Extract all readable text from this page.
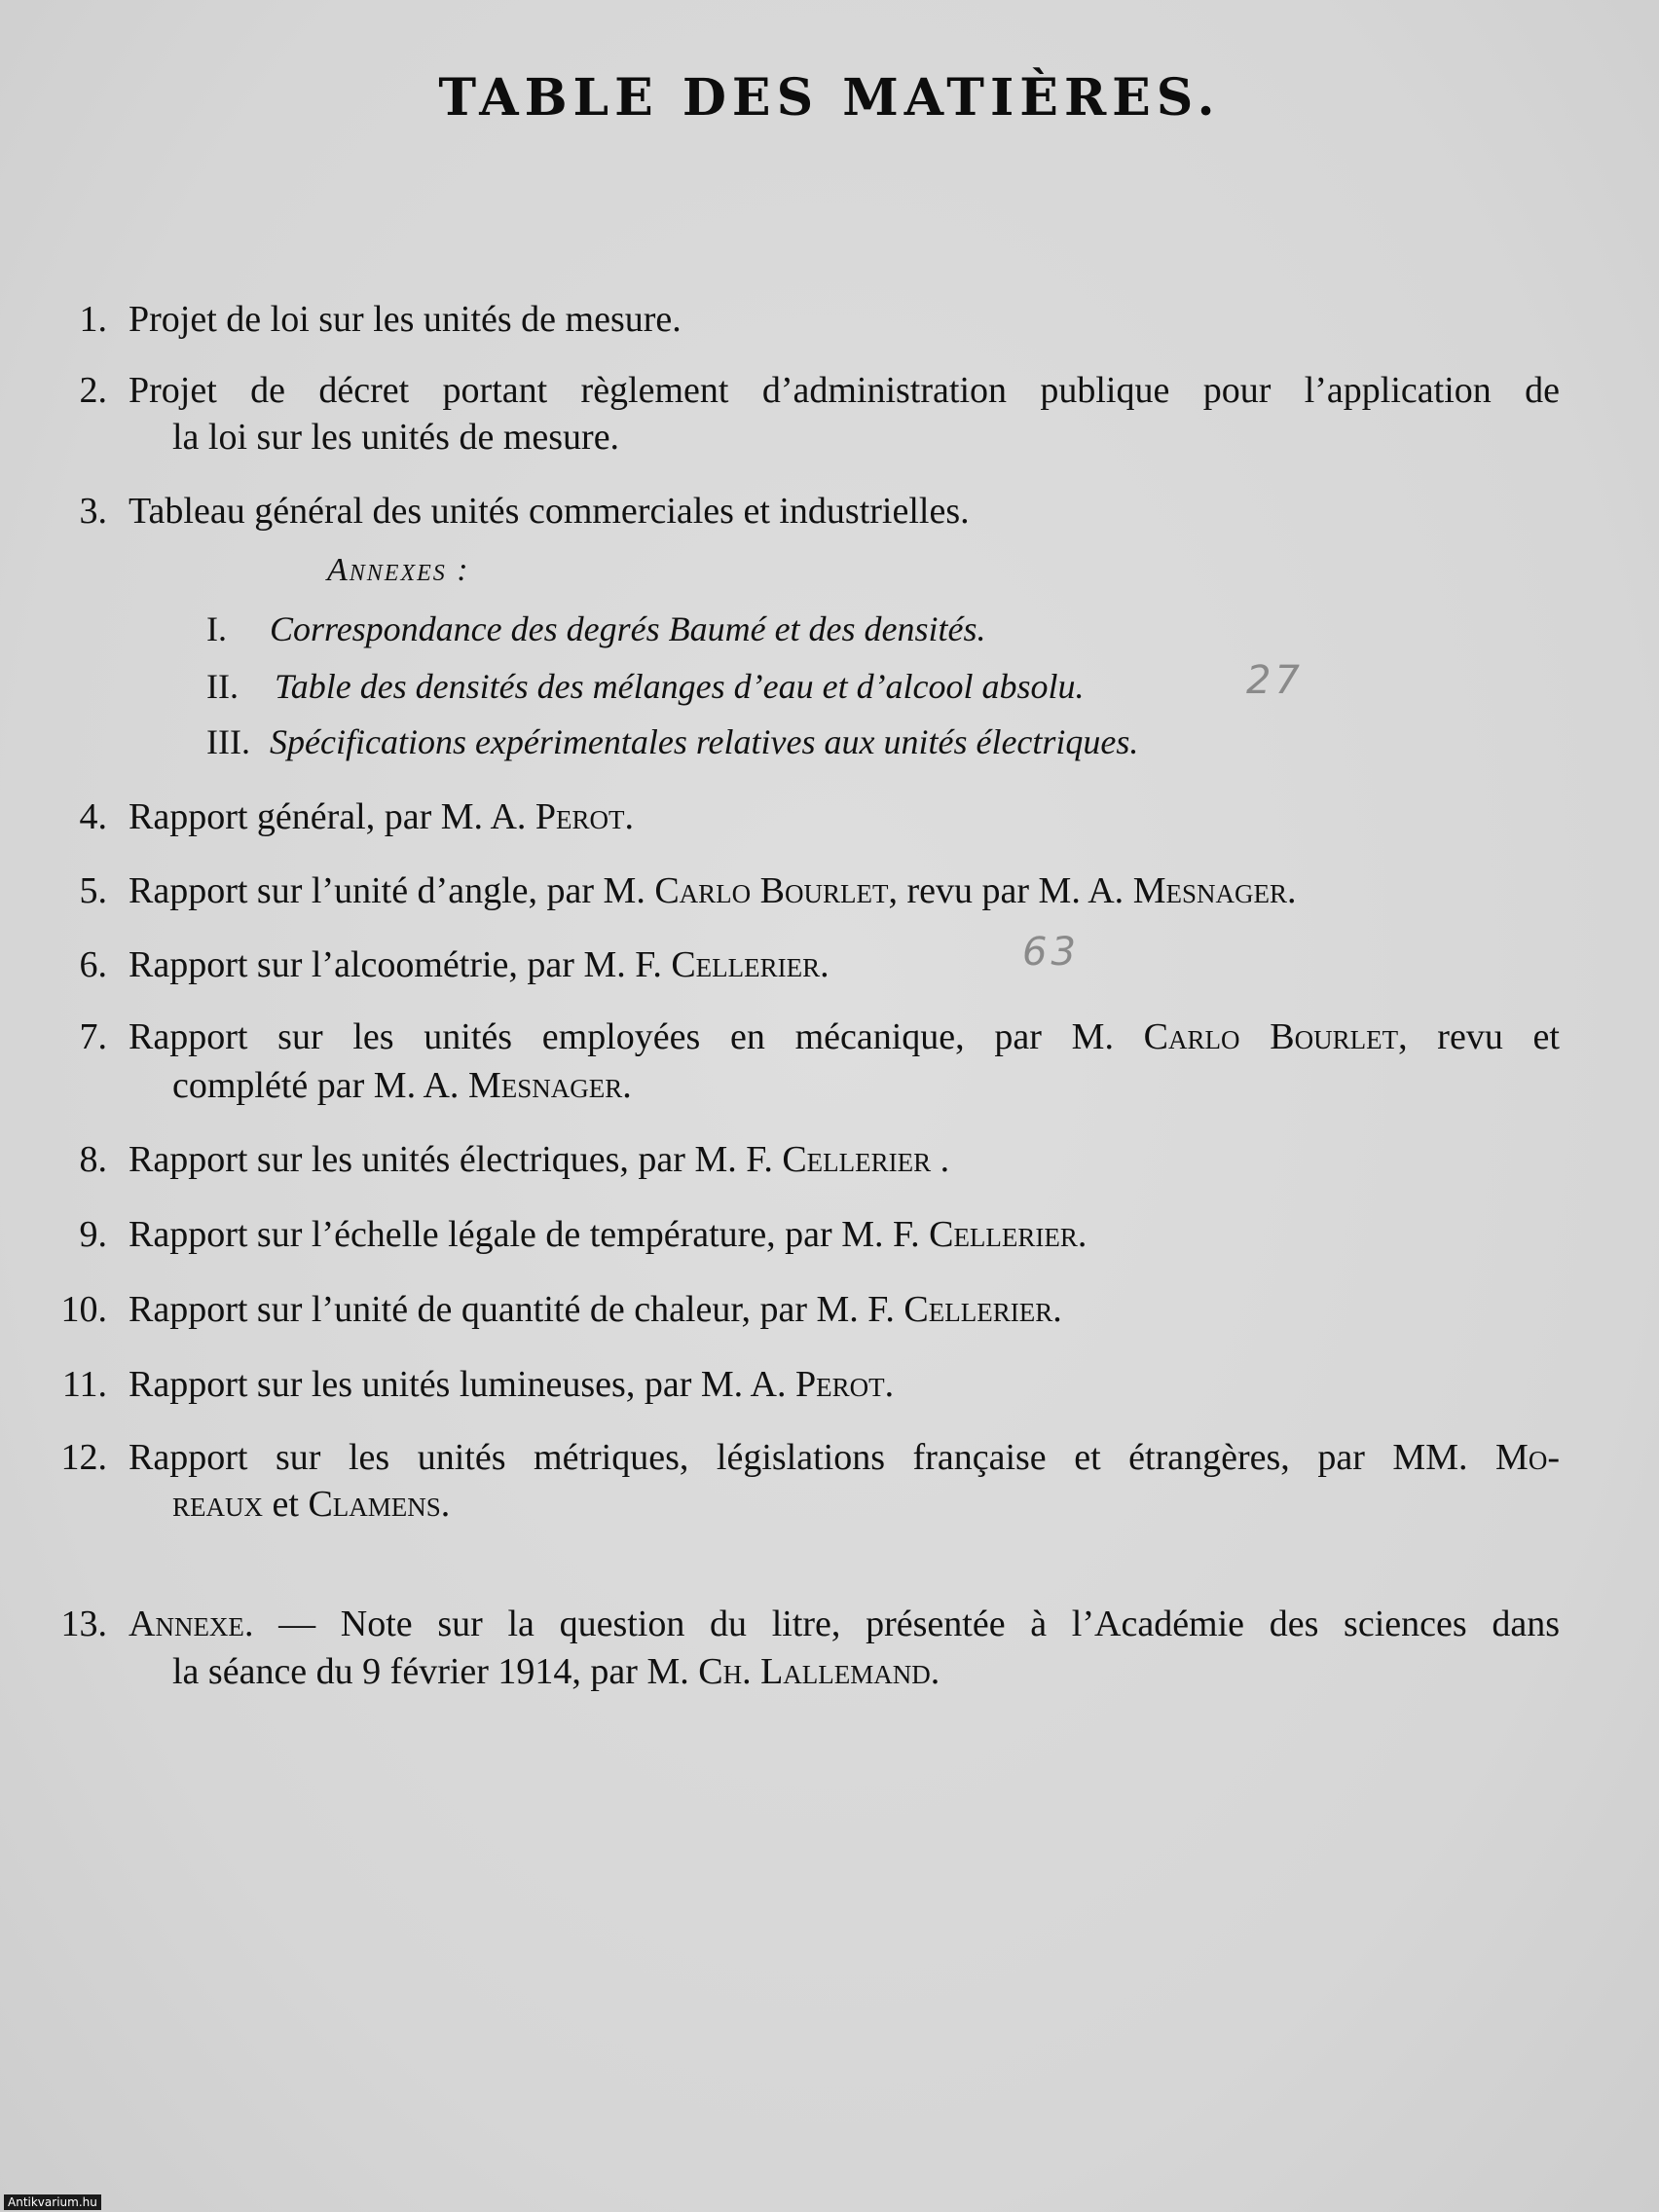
TABLE DES MATIÈRES.
1. Projet de loi sur les unités de mesure.
2. Projet de décret portant règlement d’administration publique pour l’application de
la loi sur les unités de mesure.
3. Tableau général des unités commerciales et industrielles.
Annexes :
I. Correspondance des degrés Baumé et des densités.
II. Table des densités des mélanges d’eau et d’alcool absolu.
III. Spécifications expérimentales relatives aux unités électriques.
27
4. Rapport général, par M. A. Perot.
5. Rapport sur l’unité d’angle, par M. Carlo Bourlet, revu par M. A. Mesnager.
6. Rapport sur l’alcoométrie, par M. F. Cellerier.	63
7. Rapport sur les unités employées en mécanique, par M. Carlo Bourlet, revu et
complété par M. A. Mesnager.
8. Rapport sur les unités électriques, par M. F. Cellerier .
9. Rapport sur l’échelle légale de température, par M. F. Cellerier.
10. Rapport sur l’unité de quantité de chaleur, par M. F. Cellerier.
11. Rapport sur les unités lumineuses, par M. A. Perot.
12. Rapport sur les unités métriques, législations française et étrangères, par MM. Mo-
reaux et Clamens.
13. Annexe. — Note sur la question du litre, présentée à l’Académie des sciences dans
la séance du 9 février 1914, par M. Ch. Lallemand.
Antikvarium.hu
